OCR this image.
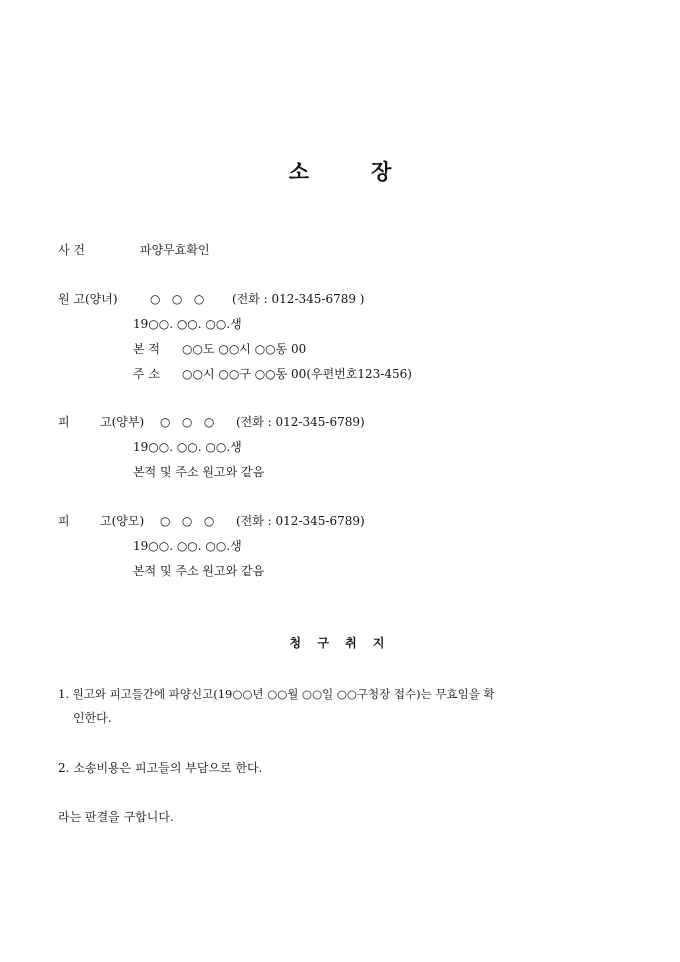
소	장
사 건	파양무효확인
원 고(양녀)	○   ○   ○ (전화 : 012-345-6789 )
19○○. ○○. ○○.생
본 적 ○○도 ○○시 ○○동 00
주 소 ○○시 ○○구 ○○동 00(우편번호123-456)
피	고(양부) ○   ○   ○ (전화 : 012-345-6789)
19○○. ○○. ○○.생
본적 및 주소 원고와 같음
피	고(양모) ○   ○   ○ (전화 : 012-345-6789)
19○○. ○○. ○○.생
본적 및 주소 원고와 같음
청 구 취 지
1. 원고와 피고들간에 파양신고(19○○년 ○○월 ○○일 ○○구청장 접수)는 무효임을 확
인한다.
2. 소송비용은 피고들의 부담으로 한다.
라는 판결을 구합니다.
